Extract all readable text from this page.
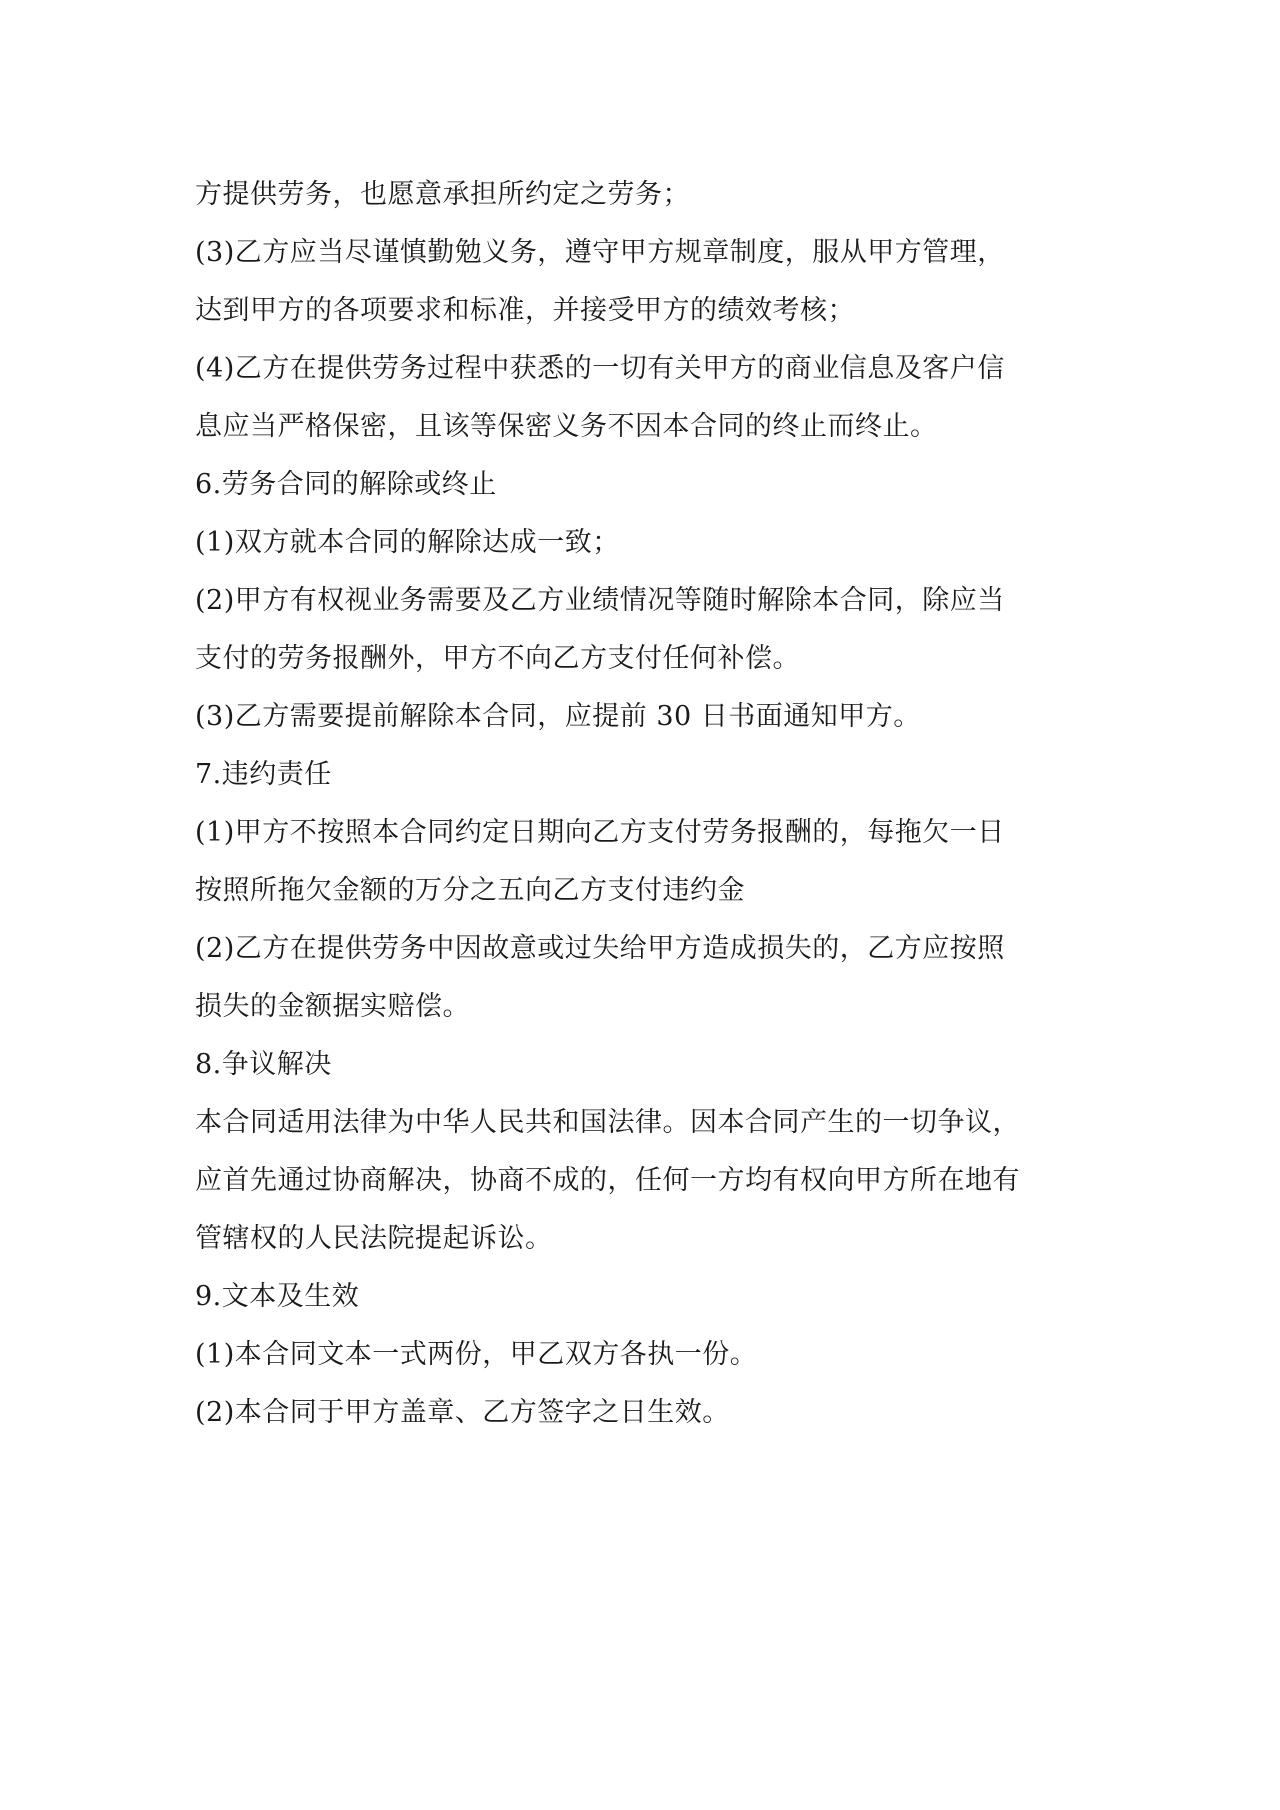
方提供劳务，也愿意承担所约定之劳务；
(3)乙方应当尽谨慎勤勉义务，遵守甲方规章制度，服从甲方管理，
达到甲方的各项要求和标准，并接受甲方的绩效考核；
(4)乙方在提供劳务过程中获悉的一切有关甲方的商业信息及客户信
息应当严格保密，且该等保密义务不因本合同的终止而终止。
6.劳务合同的解除或终止
(1)双方就本合同的解除达成一致；
(2)甲方有权视业务需要及乙方业绩情况等随时解除本合同，除应当
支付的劳务报酬外，甲方不向乙方支付任何补偿。
(3)乙方需要提前解除本合同，应提前 30 日书面通知甲方。
7.违约责任
(1)甲方不按照本合同约定日期向乙方支付劳务报酬的，每拖欠一日
按照所拖欠金额的万分之五向乙方支付违约金
(2)乙方在提供劳务中因故意或过失给甲方造成损失的，乙方应按照
损失的金额据实赔偿。
8.争议解决
本合同适用法律为中华人民共和国法律。因本合同产生的一切争议，
应首先通过协商解决，协商不成的，任何一方均有权向甲方所在地有
管辖权的人民法院提起诉讼。
9.文本及生效
(1)本合同文本一式两份，甲乙双方各执一份。
(2)本合同于甲方盖章、乙方签字之日生效。
